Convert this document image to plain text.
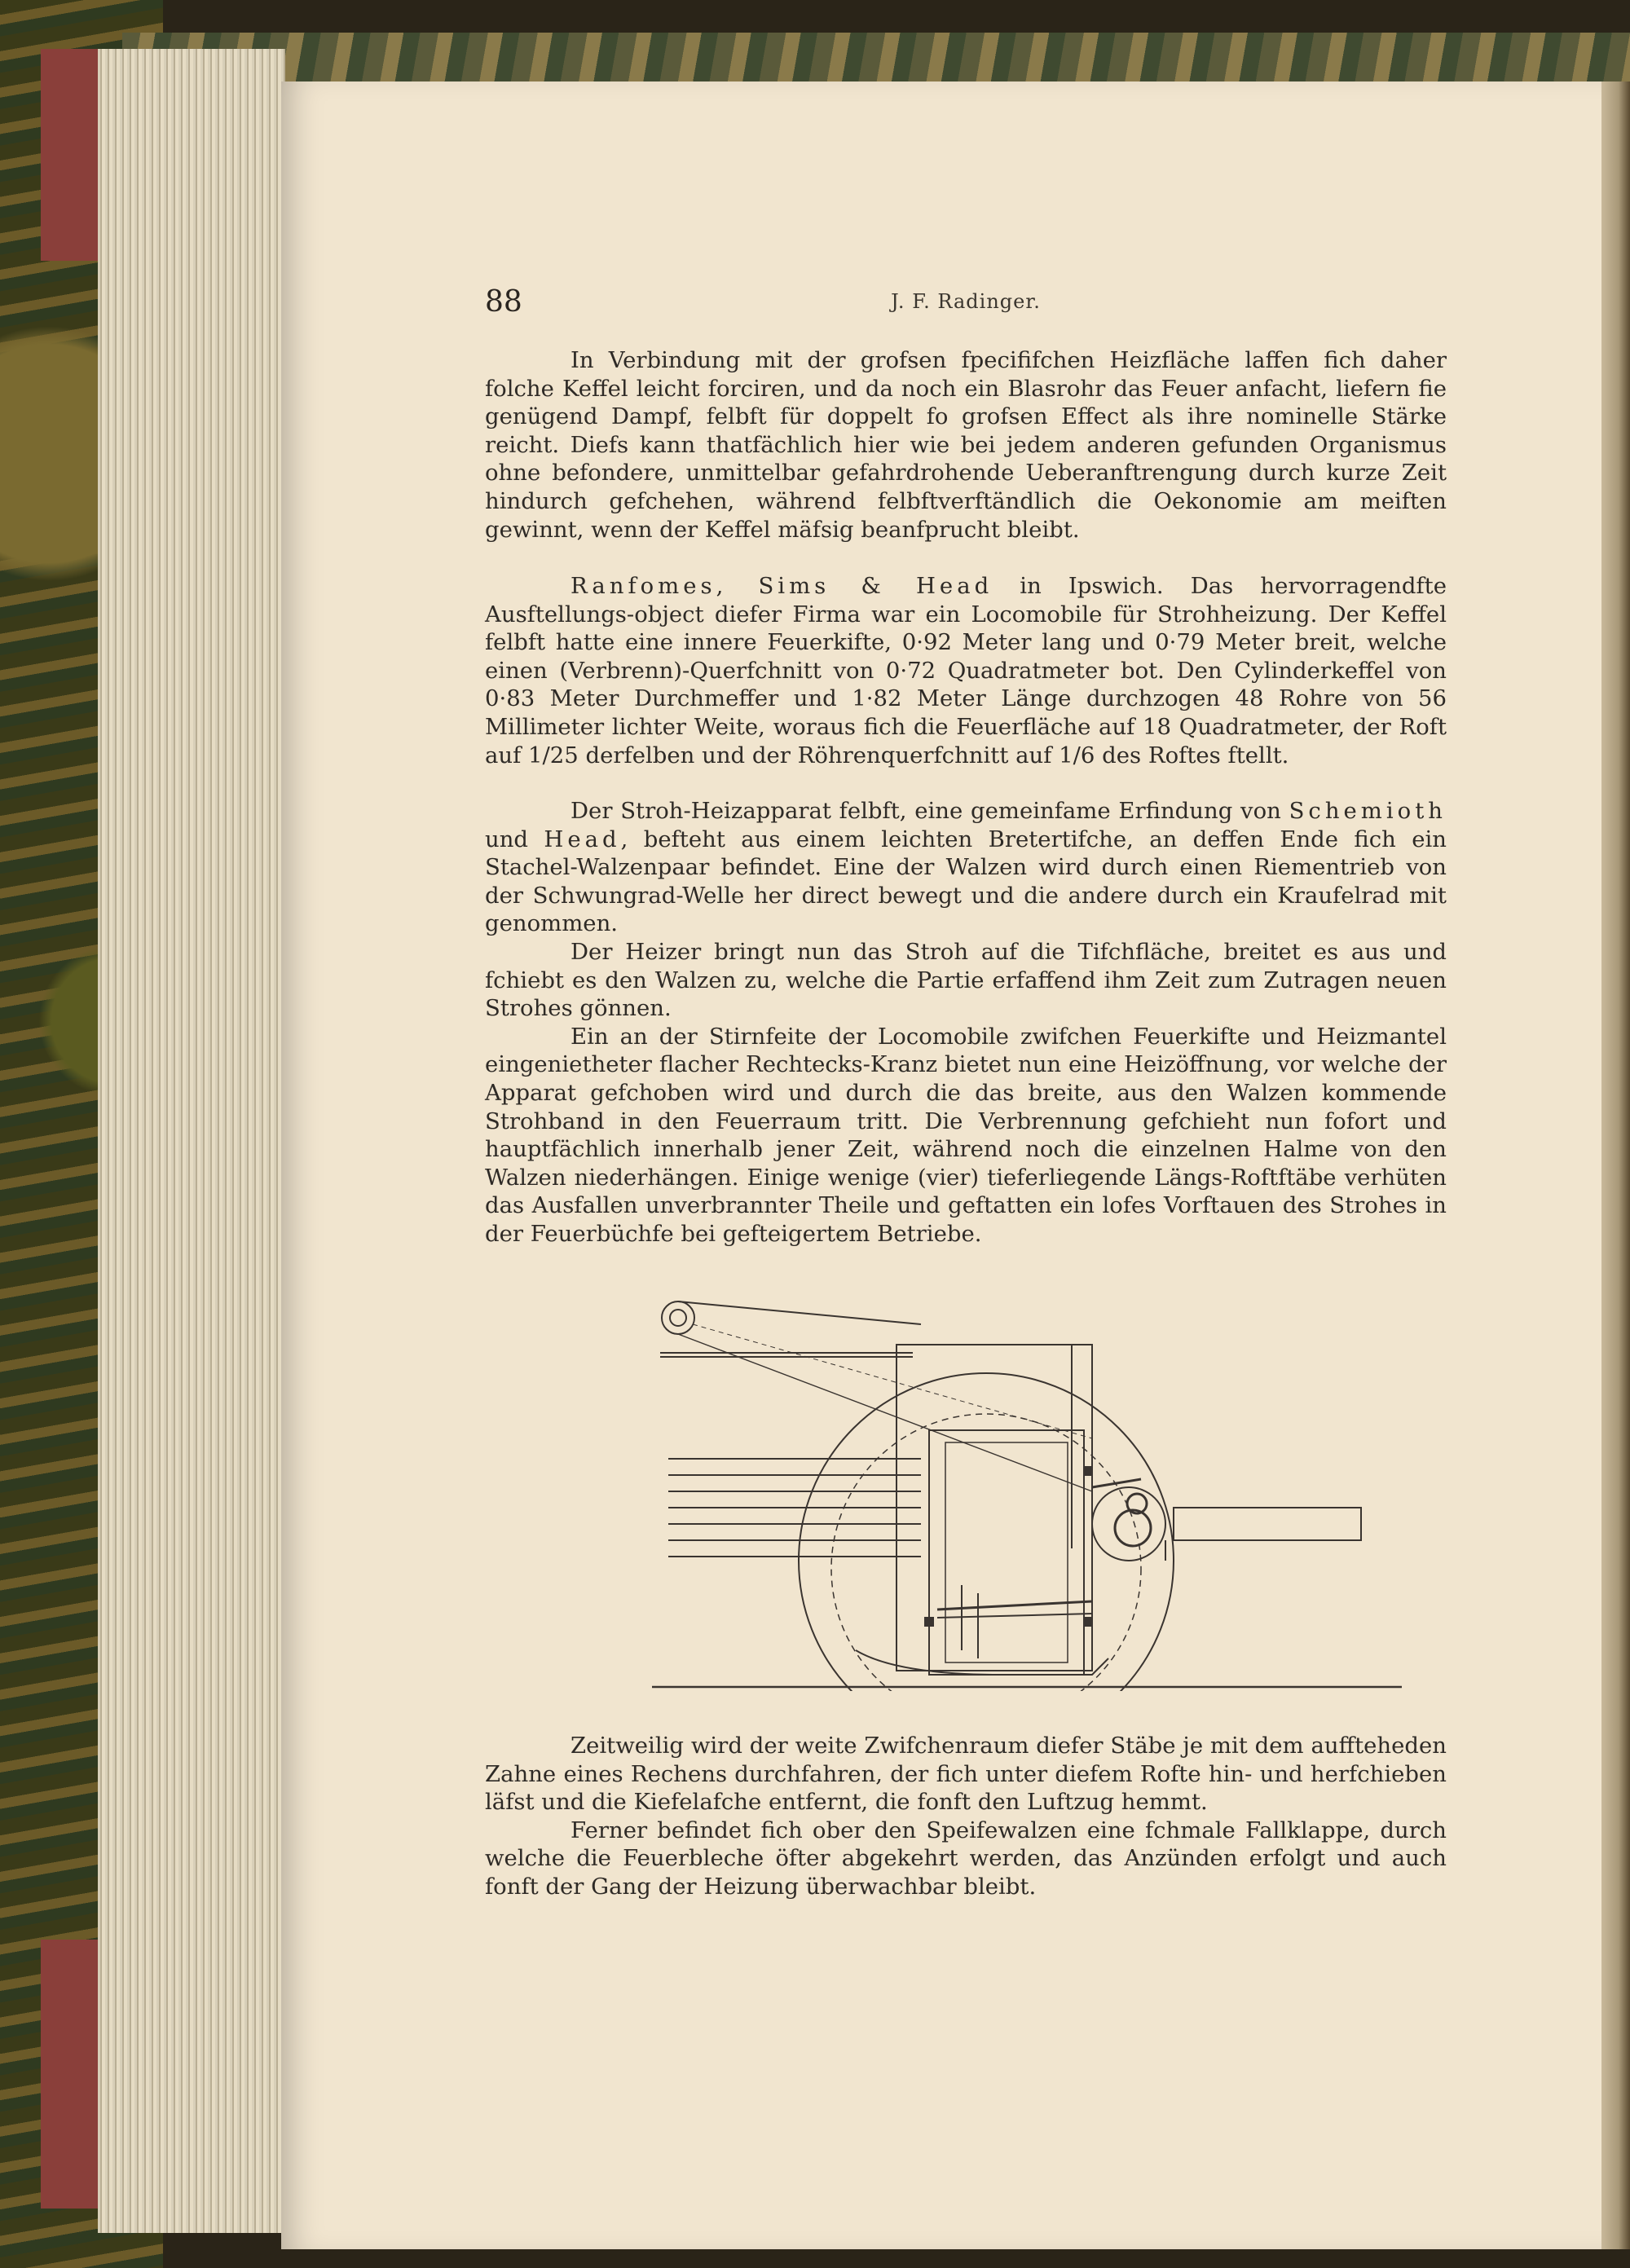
88	J. F. Radinger.

In Verbindung mit der grofsen fpecififchen Heizfläche laffen fich daher folche Keffel leicht forciren, und da noch ein Blasrohr das Feuer anfacht, liefern fie genügend Dampf, felbft für doppelt fo grofsen Effect als ihre nominelle Stärke reicht. Diefs kann thatfächlich hier wie bei jedem anderen gefunden Organismus ohne befondere, unmittelbar gefahrdrohende Ueberanftrengung durch kurze Zeit hindurch gefchehen, während felbftverftändlich die Oekonomie am meiften gewinnt, wenn der Keffel mäfsig beanfprucht bleibt.

Ranfomes, Sims & Head in Ipswich. Das hervorragendfte Ausftellungs-object diefer Firma war ein Locomobile für Strohheizung. Der Keffel felbft hatte eine innere Feuerkifte, 0·92 Meter lang und 0·79 Meter breit, welche einen (Verbrenn)-Querfchnitt von 0·72 Quadratmeter bot. Den Cylinderkeffel von 0·83 Meter Durchmeffer und 1·82 Meter Länge durchzogen 48 Rohre von 56 Millimeter lichter Weite, woraus fich die Feuerfläche auf 18 Quadratmeter, der Roft auf 1/25 derfelben und der Röhrenquerfchnitt auf 1/6 des Roftes ftellt.

Der Stroh-Heizapparat felbft, eine gemeinfame Erfindung von Schemioth und Head, befteht aus einem leichten Bretertifche, an deffen Ende fich ein Stachel-Walzenpaar befindet. Eine der Walzen wird durch einen Riementrieb von der Schwungrad-Welle her direct bewegt und die andere durch ein Kraufelrad mit genommen.

Der Heizer bringt nun das Stroh auf die Tifchfläche, breitet es aus und fchiebt es den Walzen zu, welche die Partie erfaffend ihm Zeit zum Zutragen neuen Strohes gönnen.

Ein an der Stirnfeite der Locomobile zwifchen Feuerkifte und Heizmantel eingenietheter flacher Rechtecks-Kranz bietet nun eine Heizöffnung, vor welche der Apparat gefchoben wird und durch die das breite, aus den Walzen kommende Strohband in den Feuerraum tritt. Die Verbrennung gefchieht nun fofort und hauptfächlich innerhalb jener Zeit, während noch die einzelnen Halme von den Walzen niederhängen. Einige wenige (vier) tieferliegende Längs-Roftftäbe verhüten das Ausfallen unverbrannter Theile und geftatten ein lofes Vorftauen des Strohes in der Feuerbüchfe bei gefteigertem Betriebe.

Zeitweilig wird der weite Zwifchenraum diefer Stäbe je mit dem auffteheden Zahne eines Rechens durchfahren, der fich unter diefem Rofte hin- und herfchieben läfst und die Kiefelafche entfernt, die fonft den Luftzug hemmt.

Ferner befindet fich ober den Speifewalzen eine fchmale Fallklappe, durch welche die Feuerbleche öfter abgekehrt werden, das Anzünden erfolgt und auch fonft der Gang der Heizung überwachbar bleibt.
